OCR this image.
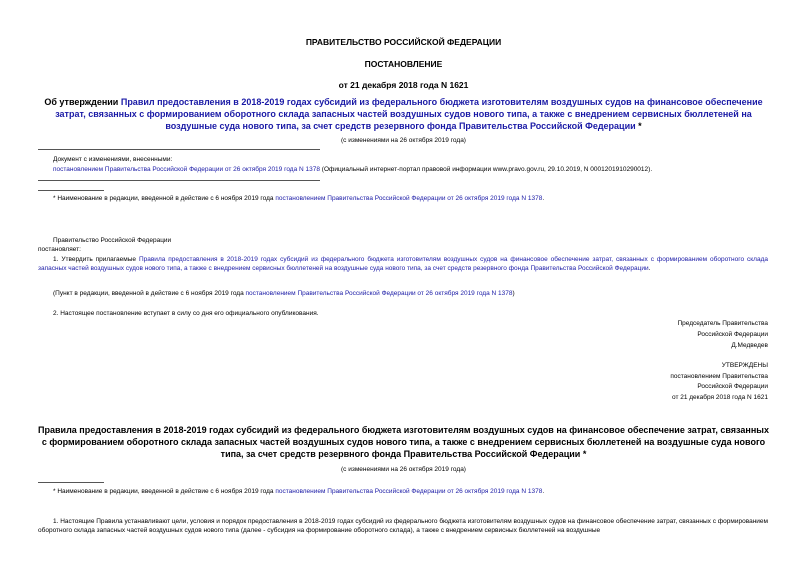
ПРАВИТЕЛЬСТВО РОССИЙСКОЙ ФЕДЕРАЦИИ
ПОСТАНОВЛЕНИЕ
от 21 декабря 2018 года N 1621
Об утверждении Правил предоставления в 2018-2019 годах субсидий из федерального бюджета изготовителям воздушных судов на финансовое обеспечение затрат, связанных с формированием оборотного склада запасных частей воздушных судов нового типа, а также с внедрением сервисных бюллетеней на воздушные суда нового типа, за счет средств резервного фонда Правительства Российской Федерации *
(с изменениями на 26 октября 2019 года)
Документ с изменениями, внесенными:
постановлением Правительства Российской Федерации от 26 октября 2019 года N 1378 (Официальный интернет-портал правовой информации www.pravo.gov.ru, 29.10.2019, N 0001201910290012).
* Наименование в редакции, введенной в действие с 6 ноября 2019 года постановлением Правительства Российской Федерации от 26 октября 2019 года N 1378.
Правительство Российской Федерации
постановляет:
1. Утвердить прилагаемые Правила предоставления в 2018-2019 годах субсидий из федерального бюджета изготовителям воздушных судов на финансовое обеспечение затрат, связанных с формированием оборотного склада запасных частей воздушных судов нового типа, а также с внедрением сервисных бюллетеней на воздушные суда нового типа, за счет средств резервного фонда Правительства Российской Федерации.
(Пункт в редакции, введенной в действие с 6 ноября 2019 года постановлением Правительства Российской Федерации от 26 октября 2019 года N 1378)
2. Настоящее постановление вступает в силу со дня его официального опубликования.
Председатель Правительства
Российской Федерации
Д.Медведев
УТВЕРЖДЕНЫ
постановлением Правительства
Российской Федерации
от 21 декабря 2018 года N 1621
Правила предоставления в 2018-2019 годах субсидий из федерального бюджета изготовителям воздушных судов на финансовое обеспечение затрат, связанных с формированием оборотного склада запасных частей воздушных судов нового типа, а также с внедрением сервисных бюллетеней на воздушные суда нового типа, за счет средств резервного фонда Правительства Российской Федерации *
(с изменениями на 26 октября 2019 года)
* Наименование в редакции, введенной в действие с 6 ноября 2019 года постановлением Правительства Российской Федерации от 26 октября 2019 года N 1378.
1. Настоящие Правила устанавливают цели, условия и порядок предоставления в 2018-2019 годах субсидий из федерального бюджета изготовителям воздушных судов на финансовое обеспечение затрат, связанных с формированием оборотного склада запасных частей воздушных судов нового типа (далее - субсидия на формирование оборотного склада), а также с внедрением сервисных бюллетеней на воздушные
